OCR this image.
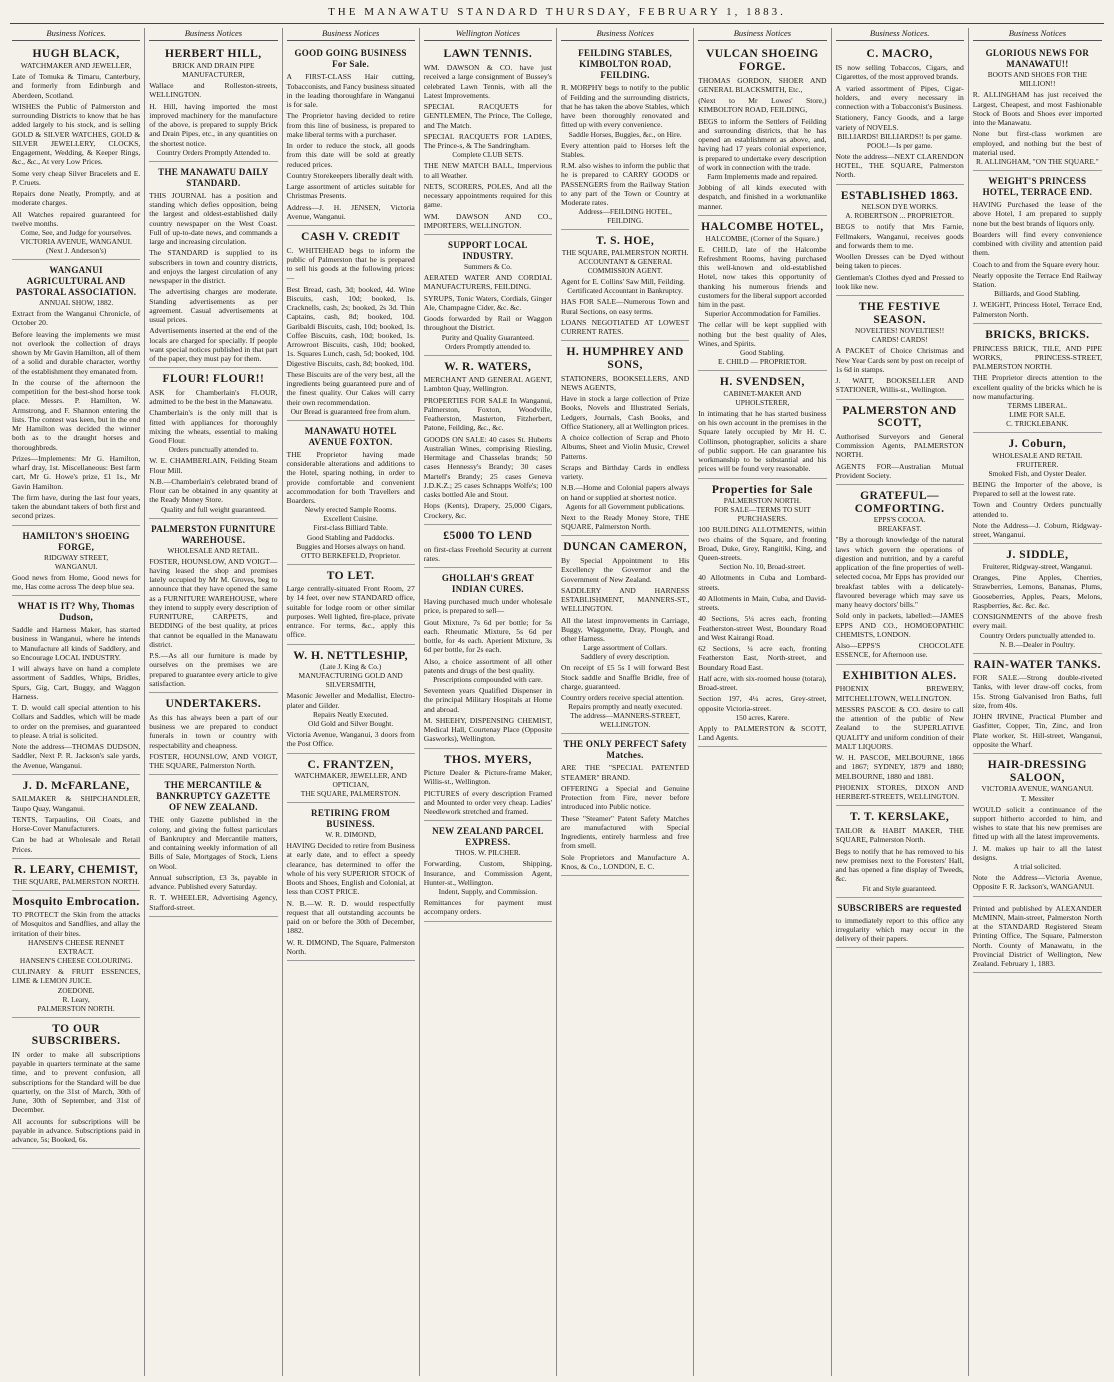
THE MANAWATU STANDARD THURSDAY, FEBRUARY 1, 1883.
Business Notices.
HUGH BLACK,
WATCHMAKER AND JEWELLER,
Late of Tomuka & Timaru, Canterbury, and formerly from Edinburgh and Aberdeen, Scotland.
WISHES the Public of Palmerston and surrounding Districts to know that he has added largely to his stock, and is selling GOLD & SILVER WATCHES, GOLD & SILVER JEWELLERY, CLOCKS, Engagement, Wedding, & Keeper Rings, &c., &c., At very Low Prices.
Some very cheap Silver Bracelets and E. P. Cruets.
Repairs done Neatly, Promptly, and at moderate charges.
All Watches repaired guaranteed for twelve months.
Come, See, and Judge for yourselves.
VICTORIA AVENUE, WANGANUI.
(Next J. Anderson's)
WANGANUI AGRICULTURAL AND PASTORAL ASSOCIATION.
ANNUAL SHOW, 1882.
Extract from the Wanganui Chronicle, of October 20.
Before leaving the implements we must not overlook the collection of drays shown by Mr Gavin Hamilton, all of them of a solid and durable character, worthy of the establishment they emanated from.
In the course of the afternoon the competition for the best-shod horse took place. Messrs. P. Hamilton, W. Armstrong, and F. Shannon entering the lists. The contest was keen, but in the end Mr Hamilton was decided the winner both as to the draught horses and thoroughbreds.
Prizes—Implements: Mr G. Hamilton, wharf dray, 1st. Miscellaneous: Best farm cart, Mr G. Howe's prize, £1 1s., Mr Gavin Hamilton.
The firm have, during the last four years, taken the abundant takers of both first and second prizes.
HAMILTON'S SHOEING FORGE,
RIDGWAY STREET,
WANGANUI.
Good news from Home, Good news for me, Has come across The deep blue sea.
WHAT IS IT? Why, Thomas Dudson,
Saddle and Harness Maker, has started business in Wanganui, where he intends to Manufacture all kinds of Saddlery, and so Encourage LOCAL INDUSTRY.
I will always have on hand a complete assortment of Saddles, Whips, Bridles, Spurs, Gig, Cart, Buggy, and Waggon Harness.
T. D. would call special attention to his Collars and Saddles, which will be made to order on the premises, and guaranteed to please. A trial is solicited.
Note the address—THOMAS DUDSON, Saddler, Next P. R. Jackson's sale yards, the Avenue, Wanganui.
J. D. McFARLANE,
SAILMAKER & SHIPCHANDLER, Taupo Quay, Wanganui.
TENTS, Tarpaulins, Oil Coats, and Horse-Cover Manufacturers.
Can be had at Wholesale and Retail Prices.
R. LEARY, CHEMIST,
THE SQUARE, PALMERSTON NORTH.
Mosquito Embrocation.
TO PROTECT the Skin from the attacks of Mosquitos and Sandflies, and allay the irritation of their bites.
HANSEN'S CHEESE RENNET EXTRACT.
HANSEN'S CHEESE COLOURING.
CULINARY & FRUIT ESSENCES, LIME & LEMON JUICE.
ZOEDONE.
R. Leary,
PALMERSTON NORTH.
TO OUR SUBSCRIBERS.
IN order to make all subscriptions payable in quarters terminate at the same time, and to prevent confusion, all subscriptions for the Standard will be due quarterly, on the 31st of March, 30th of June, 30th of September, and 31st of December.
All accounts for subscriptions will be payable in advance. Subscriptions paid in advance, 5s; Booked, 6s.
Business Notices
HERBERT HILL,
BRICK AND DRAIN PIPE MANUFACTURER,
Wallace and Rolleston-streets, WELLINGTON.
H. Hill, having imported the most improved machinery for the manufacture of the above, is prepared to supply Brick and Drain Pipes, etc., in any quantities on the shortest notice.
Country Orders Promptly Attended to.
THE MANAWATU DAILY STANDARD.
THIS JOURNAL has a position and standing which defies opposition, being the largest and oldest-established daily country newspaper on the West Coast. Full of up-to-date news, and commands a large and increasing circulation.
The STANDARD is supplied to its subscribers in town and country districts, and enjoys the largest circulation of any newspaper in the district.
The advertising charges are moderate. Standing advertisements as per agreement. Casual advertisements at usual prices.
Advertisements inserted at the end of the locals are charged for specially. If people want special notices published in that part of the paper, they must pay for them.
FLOUR! FLOUR!!
ASK for Chamberlain's FLOUR, admitted to be the best in the Manawatu.
Chamberlain's is the only mill that is fitted with appliances for thoroughly mixing the wheats, essential to making Good Flour.
Orders punctually attended to.
W. E. CHAMBERLAIN, Feilding Steam Flour Mill.
N.B.—Chamberlain's celebrated brand of Flour can be obtained in any quantity at the Ready Money Store.
Quality and full weight guaranteed.
PALMERSTON FURNITURE WAREHOUSE.
WHOLESALE AND RETAIL.
FOSTER, HOUNSLOW, AND VOIGT—having leased the shop and premises lately occupied by Mr M. Groves, beg to announce that they have opened the same as a FURNITURE WAREHOUSE, where they intend to supply every description of FURNITURE, CARPETS, and BEDDING of the best quality, at prices that cannot be equalled in the Manawatu district.
P.S.—As all our furniture is made by ourselves on the premises we are prepared to guarantee every article to give satisfaction.
UNDERTAKERS.
As this has always been a part of our business we are prepared to conduct funerals in town or country with respectability and cheapness.
FOSTER, HOUNSLOW, AND VOIGT, THE SQUARE, Palmerston North.
THE MERCANTILE & BANKRUPTCY GAZETTE OF NEW ZEALAND.
THE only Gazette published in the colony, and giving the fullest particulars of Bankruptcy and Mercantile matters, and containing weekly information of all Bills of Sale, Mortgages of Stock, Liens on Wool.
Annual subscription, £3 3s, payable in advance. Published every Saturday.
R. T. WHEELER, Advertising Agency, Stafford-street.
Business Notices
GOOD GOING BUSINESS For Sale.
A FIRST-CLASS Hair cutting, Tobacconists, and Fancy business situated in the leading thoroughfare in Wanganui is for sale.
The Proprietor having decided to retire from this line of business, is prepared to make liberal terms with a purchaser.
In order to reduce the stock, all goods from this date will be sold at greatly reduced prices.
Country Storekeepers liberally dealt with.
Large assortment of articles suitable for Christmas Presents.
Address—J. H. JENSEN, Victoria Avenue, Wanganui.
CASH V. CREDIT
C. WHITEHEAD begs to inform the public of Palmerston that he is prepared to sell his goods at the following prices:—
Best Bread, cash, 3d; booked, 4d. Wine Biscuits, cash, 10d; booked, 1s. Cracknells, cash, 2s; booked, 2s 3d. Thin Captains, cash, 8d; booked, 10d. Garibaldi Biscuits, cash, 10d; booked, 1s. Coffee Biscuits, cash, 10d; booked, 1s. Arrowroot Biscuits, cash, 10d; booked, 1s. Squares Lunch, cash, 5d; booked, 10d. Digestive Biscuits, cash, 8d; booked, 10d.
These Biscuits are of the very best, all the ingredients being guaranteed pure and of the finest quality. Our Cakes will carry their own recommendation.
Our Bread is guaranteed free from alum.
MANAWATU HOTEL AVENUE FOXTON.
THE Proprietor having made considerable alterations and additions to the Hotel, sparing nothing, in order to provide comfortable and convenient accommodation for both Travellers and Boarders.
Newly erected Sample Rooms.
Excellent Cuisine.
First-class Billiard Table.
Good Stabling and Paddocks.
Buggies and Horses always on hand.
OTTO BERKEFELD, Proprietor.
TO LET.
Large centrally-situated Front Room, 27 by 14 feet, over new STANDARD office, suitable for lodge room or other similar purposes. Well lighted, fire-place, private entrance. For terms, &c., apply this office.
W. H. NETTLESHIP,
(Late J. King & Co.)
MANUFACTURING GOLD AND SILVERSMITH,
Masonic Jeweller and Medallist, Electro-plater and Gilder.
Repairs Neatly Executed.
Old Gold and Silver Bought.
Victoria Avenue, Wanganui, 3 doors from the Post Office.
C. FRANTZEN,
WATCHMAKER, JEWELLER, AND OPTICIAN,
THE SQUARE, PALMERSTON.
RETIRING FROM BUSINESS.
W. R. DIMOND,
HAVING Decided to retire from Business at early date, and to effect a speedy clearance, has determined to offer the whole of his very SUPERIOR STOCK of Boots and Shoes, English and Colonial, at less than COST PRICE.
N. B.—W. R. D. would respectfully request that all outstanding accounts be paid on or before the 30th of December, 1882.
W. R. DIMOND, The Square, Palmerston North.
Wellington Notices
LAWN TENNIS.
WM. DAWSON & CO. have just received a large consignment of Bussey's celebrated Lawn Tennis, with all the Latest Improvements.
SPECIAL RACQUETS for GENTLEMEN, The Prince, The College, and The Match.
SPECIAL RACQUETS FOR LADIES, The Prince-s, & The Sandringham.
Complete CLUB SETS.
THE NEW MATCH BALL, Impervious to all Weather.
NETS, SCORERS, POLES, And all the necessary appointments required for this game.
WM. DAWSON AND CO., IMPORTERS, WELLINGTON.
SUPPORT LOCAL INDUSTRY.
Summers & Co.
AERATED WATER AND CORDIAL MANUFACTURERS, FEILDING.
SYRUPS, Tonic Waters, Cordials, Ginger Ale, Champagne Cider, &c. &c.
Goods forwarded by Rail or Waggon throughout the District.
Purity and Quality Guaranteed.
Orders Promptly attended to.
W. R. WATERS,
MERCHANT AND GENERAL AGENT, Lambton Quay, Wellington.
PROPERTIES FOR SALE In Wanganui, Palmerston, Foxton, Woodville, Featherston, Masterton, Fitzherbert, Patone, Feilding, &c., &c.
GOODS ON SALE: 40 cases St. Huberts Australian Wines, comprising Riesling, Hermitage and Chasselas brands; 50 cases Hennessy's Brandy; 30 cases Martell's Brandy; 25 cases Geneva J.D.K.Z.; 25 cases Schnapps Wolfe's; 100 casks bottled Ale and Stout.
Hops (Kents), Drapery, 25,000 Cigars, Crockery, &c.
£5000 TO LEND
on first-class Freehold Security at current rates.
GHOLLAH'S GREAT INDIAN CURES.
Having purchased much under wholesale price, is prepared to sell—
Gout Mixture, 7s 6d per bottle; for 5s each. Rheumatic Mixture, 5s 6d per bottle, for 4s each. Aperient Mixture, 3s 6d per bottle, for 2s each.
Also, a choice assortment of all other patents and drugs of the best quality.
Prescriptions compounded with care.
Seventeen years Qualified Dispenser in the principal Military Hospitals at Home and abroad.
M. SHEEHY, DISPENSING CHEMIST, Medical Hall, Courtenay Place (Opposite Gasworks), Wellington.
THOS. MYERS,
Picture Dealer & Picture-frame Maker, Willis-st., Wellington.
PICTURES of every description Framed and Mounted to order very cheap. Ladies' Needlework stretched and framed.
NEW ZEALAND PARCEL EXPRESS.
THOS. W. PILCHER.
Forwarding, Custom, Shipping, Insurance, and Commission Agent, Hunter-st., Wellington.
Indent, Supply, and Commission.
Remittances for payment must accompany orders.
Business Notices
FEILDING STABLES, KIMBOLTON ROAD, FEILDING.
R. MORPHY begs to notify to the public of Feilding and the surrounding districts, that he has taken the above Stables, which have been thoroughly renovated and fitted up with every convenience.
Saddle Horses, Buggies, &c., on Hire.
Every attention paid to Horses left the Stables.
R.M. also wishes to inform the public that he is prepared to CARRY GOODS or PASSENGERS from the Railway Station to any part of the Town or Country at Moderate rates.
Address—FEILDING HOTEL, FEILDING.
T. S. HOE,
THE SQUARE, PALMERSTON NORTH.
ACCOUNTANT & GENERAL COMMISSION AGENT.
Agent for E. Collins' Saw Mill, Feilding.
Certificated Accountant in Bankruptcy.
HAS FOR SALE—Numerous Town and Rural Sections, on easy terms.
LOANS NEGOTIATED AT LOWEST CURRENT RATES.
H. HUMPHREY AND SONS,
STATIONERS, BOOKSELLERS, AND NEWS AGENTS,
Have in stock a large collection of Prize Books, Novels and Illustrated Serials, Ledgers, Journals, Cash Books, and Office Stationery, all at Wellington prices.
A choice collection of Scrap and Photo Albums, Sheet and Violin Music, Crewel Patterns.
Scraps and Birthday Cards in endless variety.
N.B.—Home and Colonial papers always on hand or supplied at shortest notice.
Agents for all Government publications.
Next to the Ready Money Store, THE SQUARE, Palmerston North.
DUNCAN CAMERON,
By Special Appointment to His Excellency the Governor and the Government of New Zealand.
SADDLERY AND HARNESS ESTABLISHMENT, MANNERS-ST., WELLINGTON.
All the latest improvements in Carriage, Buggy, Waggonette, Dray, Plough, and other Harness.
Large assortment of Collars.
Saddlery of every description.
On receipt of £5 5s I will forward Best Stock saddle and Snaffle Bridle, free of charge, guaranteed.
Country orders receive special attention.
Repairs promptly and neatly executed.
The address—MANNERS-STREET, WELLINGTON.
THE ONLY PERFECT Safety Matches.
ARE THE "SPECIAL PATENTED STEAMER" BRAND.
OFFERING a Special and Genuine Protection from Fire, never before introduced into Public notice.
These "Steamer" Patent Safety Matches are manufactured with Special Ingredients, entirely harmless and free from smell.
Sole Proprietors and Manufacture A. Knos, & Co., LONDON, E. C.
Business Notices
VULCAN SHOEING FORGE.
THOMAS GORDON, SHOER AND GENERAL BLACKSMITH, Etc.,
(Next to Mr Lowes' Store,) KIMBOLTON ROAD, FEILDING,
BEGS to inform the Settlers of Feilding and surrounding districts, that he has opened an establishment as above, and, having had 17 years colonial experience, is prepared to undertake every description of work in connection with the trade.
Farm Implements made and repaired.
Jobbing of all kinds executed with despatch, and finished in a workmanlike manner.
HALCOMBE HOTEL,
HALCOMBE, (Corner of the Square.)
E. CHILD, late of the Halcombe Refreshment Rooms, having purchased this well-known and old-established Hotel, now takes this opportunity of thanking his numerous friends and customers for the liberal support accorded him in the past.
Superior Accommodation for Families.
The cellar will be kept supplied with nothing but the best quality of Ales, Wines, and Spirits.
Good Stabling.
E. CHILD — PROPRIETOR.
H. SVENDSEN,
CABINET-MAKER AND UPHOLSTERER,
In intimating that he has started business on his own account in the premises in the Square lately occupied by Mr H. C. Collinson, photographer, solicits a share of public support. He can guarantee his workmanship to be substantial and his prices will be found very reasonable.
Properties for Sale
PALMERSTON NORTH.
FOR SALE—TERMS TO SUIT PURCHASERS.
100 BUILDING ALLOTMENTS, within two chains of the Square, and fronting Broad, Duke, Grey, Rangitiki, King, and Queen-streets.
Section No. 10, Broad-street.
40 Allotments in Cuba and Lombard-streets.
40 Allotments in Main, Cuba, and David-streets.
40 Sections, 5¼ acres each, fronting Featherston-street West, Boundary Road and West Kairangi Road.
62 Sections, ¼ acre each, fronting Featherston East, North-street, and Boundary Road East.
Half acre, with six-roomed house (totara), Broad-street.
Section 197, 4¼ acres, Grey-street, opposite Victoria-street.
150 acres, Karere.
Apply to PALMERSTON & SCOTT, Land Agents.
Business Notices.
C. MACRO,
IS now selling Tobaccos, Cigars, and Cigarettes, of the most approved brands.
A varied assortment of Pipes, Cigar-holders, and every necessary in connection with a Tobacconist's Business.
Stationery, Fancy Goods, and a large variety of NOVELS.
BILLIARDS! BILLIARDS!! Is per game.
POOL!—Is per game.
Note the address—NEXT CLARENDON HOTEL, THE SQUARE, Palmerston North.
ESTABLISHED 1863.
NELSON DYE WORKS.
A. ROBERTSON ... PROPRIETOR.
BEGS to notify that Mrs Farnie, Fellmakers, Wanganui, receives goods and forwards them to me.
Woollen Dresses can be Dyed without being taken to pieces.
Gentleman's Clothes dyed and Pressed to look like new.
THE FESTIVE SEASON.
NOVELTIES! NOVELTIES!!
CARDS! CARDS!
A PACKET of Choice Christmas and New Year Cards sent by post on receipt of 1s 6d in stamps.
J. WATT, BOOKSELLER AND STATIONER, Willis-st., Wellington.
PALMERSTON AND SCOTT,
Authorised Surveyors and General Commission Agents, PALMERSTON NORTH.
AGENTS FOR—Australian Mutual Provident Society.
GRATEFUL—COMFORTING.
EPPS'S COCOA.
BREAKFAST.
"By a thorough knowledge of the natural laws which govern the operations of digestion and nutrition, and by a careful application of the fine properties of well-selected cocoa, Mr Epps has provided our breakfast tables with a delicately-flavoured beverage which may save us many heavy doctors' bills."
Sold only in packets, labelled:—JAMES EPPS AND CO., HOMOEOPATHIC CHEMISTS, LONDON.
Also—EPPS'S CHOCOLATE ESSENCE, for Afternoon use.
EXHIBITION ALES.
PHOENIX BREWERY, MITCHELLTOWN, WELLINGTON.
MESSRS PASCOE & CO. desire to call the attention of the public of New Zealand to the SUPERLATIVE QUALITY and uniform condition of their MALT LIQUORS.
W. H. PASCOE, MELBOURNE, 1866 and 1867; SYDNEY, 1879 and 1880; MELBOURNE, 1880 and 1881.
PHOENIX STORES, DIXON AND HERBERT-STREETS, WELLINGTON.
T. T. KERSLAKE,
TAILOR & HABIT MAKER, THE SQUARE, Palmerston North.
Begs to notify that he has removed to his new premises next to the Foresters' Hall, and has opened a fine display of Tweeds, &c.
Fit and Style guaranteed.
SUBSCRIBERS are requested
to immediately report to this office any irregularity which may occur in the delivery of their papers.
Business Notices
GLORIOUS NEWS FOR MANAWATU!!
BOOTS AND SHOES FOR THE MILLION!!
R. ALLINGHAM has just received the Largest, Cheapest, and most Fashionable Stock of Boots and Shoes ever imported into the Manawatu.
None but first-class workmen are employed, and nothing but the best of material used.
R. ALLINGHAM, "ON THE SQUARE."
WEIGHT'S PRINCESS HOTEL, TERRACE END.
HAVING Purchased the lease of the above Hotel, I am prepared to supply none but the best brands of liquors only.
Boarders will find every convenience combined with civility and attention paid them.
Coach to and from the Square every hour.
Nearly opposite the Terrace End Railway Station.
Billiards, and Good Stabling.
J. WEIGHT, Princess Hotel, Terrace End, Palmerston North.
BRICKS, BRICKS.
PRINCESS BRICK, TILE, AND PIPE WORKS, PRINCESS-STREET, PALMERSTON NORTH.
THE Proprietor directs attention to the excellent quality of the bricks which he is now manufacturing.
TERMS LIBERAL.
LIME FOR SALE.
C. TRICKLEBANK.
J. Coburn,
WHOLESALE AND RETAIL FRUITERER.
Smoked Fish, and Oyster Dealer.
BEING the Importer of the above, is Prepared to sell at the lowest rate.
Town and Country Orders punctually attended to.
Note the Address—J. Coburn, Ridgway-street, Wanganui.
J. SIDDLE,
Fruiterer, Ridgway-street, Wanganui.
Oranges, Pine Apples, Cherries, Strawberries, Lemons, Bananas, Plums, Gooseberries, Apples, Pears, Melons, Raspberries, &c. &c. &c.
CONSIGNMENTS of the above fresh every mail.
Country Orders punctually attended to.
N. B.—Dealer in Poultry.
RAIN-WATER TANKS.
FOR SALE.—Strong double-riveted Tanks, with lever draw-off cocks, from 15s. Strong Galvanised Iron Baths, full size, from 40s.
JOHN IRVINE, Practical Plumber and Gasfitter, Copper, Tin, Zinc, and Iron Plate worker, St. Hill-street, Wanganui, opposite the Wharf.
HAIR-DRESSING SALOON,
VICTORIA AVENUE, WANGANUI.
T. Messiter
WOULD solicit a continuance of the support hitherto accorded to him, and wishes to state that his new premises are fitted up with all the latest improvements.
J. M. makes up hair to all the latest designs.
A trial solicited.
Note the Address—Victoria Avenue, Opposite F. R. Jackson's, WANGANUI.
Printed and published by ALEXANDER McMINN, Main-street, Palmerston North at the STANDARD Registered Steam Printing Office, The Square, Palmerston North. County of Manawatu, in the Provincial District of Wellington, New Zealand. February 1, 1883.
